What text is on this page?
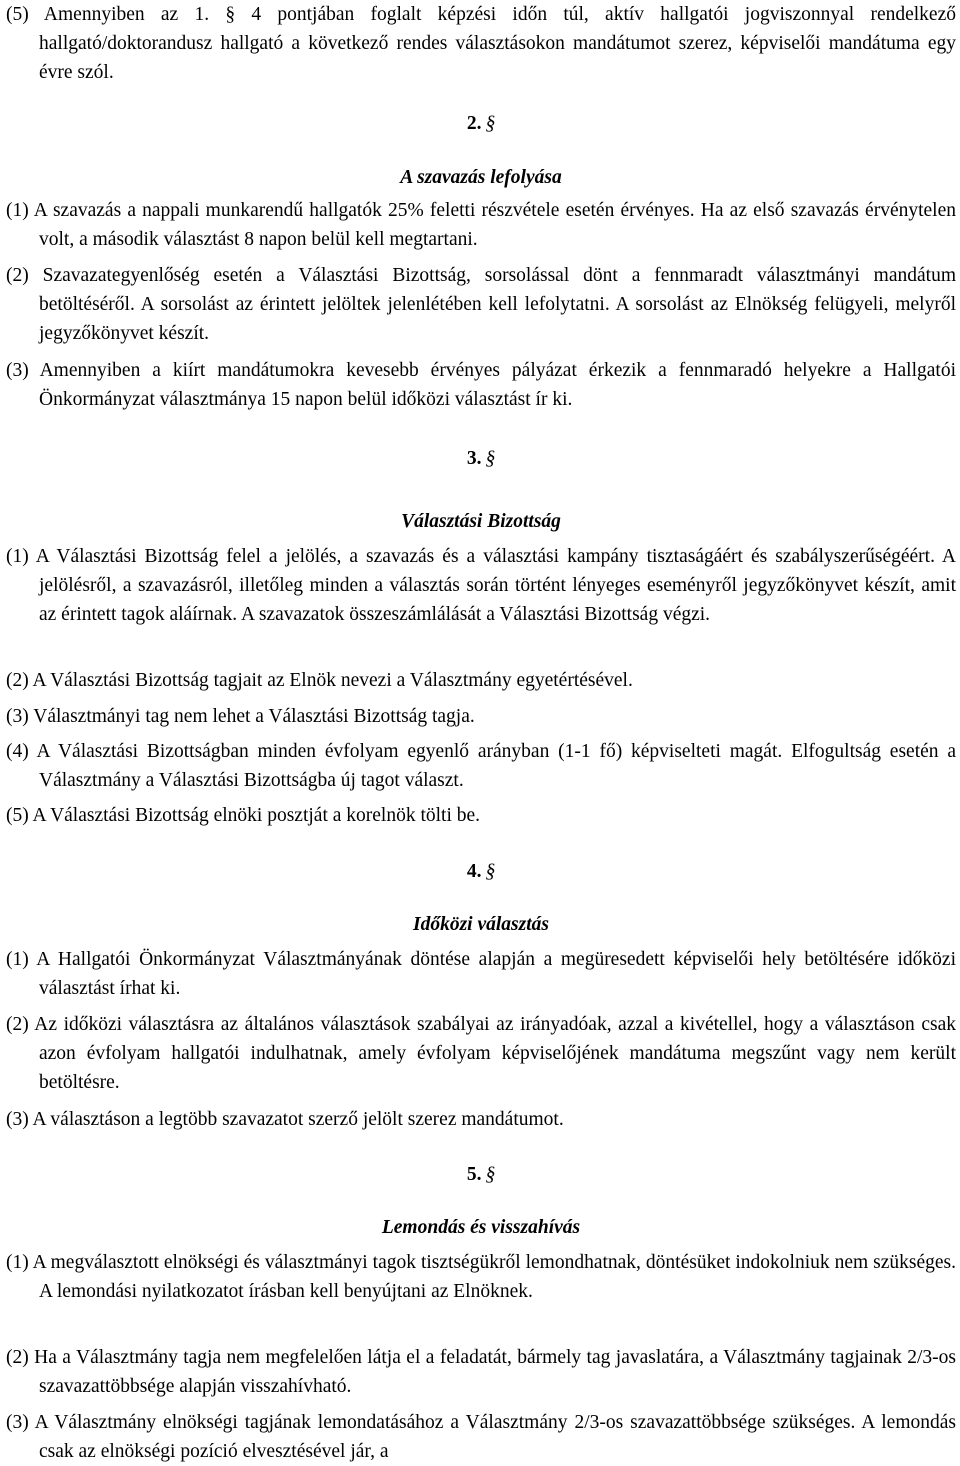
(5) Amennyiben az 1. § 4 pontjában foglalt képzési időn túl, aktív hallgatói jogviszonnyal rendelkező hallgató/doktorandusz hallgató a következő rendes választásokon mandátumot szerez, képviselői mandátuma egy évre szól.
2. §
A szavazás lefolyása
(1) A szavazás a nappali munkarendű hallgatók 25% feletti részvétele esetén érvényes. Ha az első szavazás érvénytelen volt, a második választást 8 napon belül kell megtartani.
(2) Szavazategyenlőség esetén a Választási Bizottság, sorsolással dönt a fennmaradt választmányi mandátum betöltéséről. A sorsolást az érintett jelöltek jelenlétében kell lefolytatni. A sorsolást az Elnökség felügyeli, melyről jegyzőkönyvet készít.
(3) Amennyiben a kiírt mandátumokra kevesebb érvényes pályázat érkezik a fennmaradó helyekre a Hallgatói Önkormányzat választmánya 15 napon belül időközi választást ír ki.
3. §
Választási Bizottság
(1) A Választási Bizottság felel a jelölés, a szavazás és a választási kampány tisztaságáért és szabályszerűségéért. A jelölésről, a szavazásról, illetőleg minden a választás során történt lényeges eseményről jegyzőkönyvet készít, amit az érintett tagok aláírnak. A szavazatok összeszámlálását a Választási Bizottság végzi.
(2) A Választási Bizottság tagjait az Elnök nevezi a Választmány egyetértésével.
(3) Választmányi tag nem lehet a Választási Bizottság tagja.
(4) A Választási Bizottságban minden évfolyam egyenlő arányban (1-1 fő) képviselteti magát. Elfogultság esetén a Választmány a Választási Bizottságba új tagot választ.
(5) A Választási Bizottság elnöki posztját a korelnök tölti be.
4. §
Időközi választás
(1) A Hallgatói Önkormányzat Választmányának döntése alapján a megüresedett képviselői hely betöltésére időközi választást írhat ki.
(2) Az időközi választásra az általános választások szabályai az irányadóak, azzal a kivétellel, hogy a választáson csak azon évfolyam hallgatói indulhatnak, amely évfolyam képviselőjének mandátuma megszűnt vagy nem került betöltésre.
(3) A választáson a legtöbb szavazatot szerző jelölt szerez mandátumot.
5. §
Lemondás és visszahívás
(1) A megválasztott elnökségi és választmányi tagok tisztségükről lemondhatnak, döntésüket indokolniuk nem szükséges. A lemondási nyilatkozatot írásban kell benyújtani az Elnöknek.
(2) Ha a Választmány tagja nem megfelelően látja el a feladatát, bármely tag javaslatára, a Választmány tagjainak 2/3-os szavazattöbbsége alapján visszahívható.
(3) A Választmány elnökségi tagjának lemondatásához a Választmány 2/3-os szavazattöbbsége szükséges. A lemondás csak az elnökségi pozíció elvesztésével jár, a
